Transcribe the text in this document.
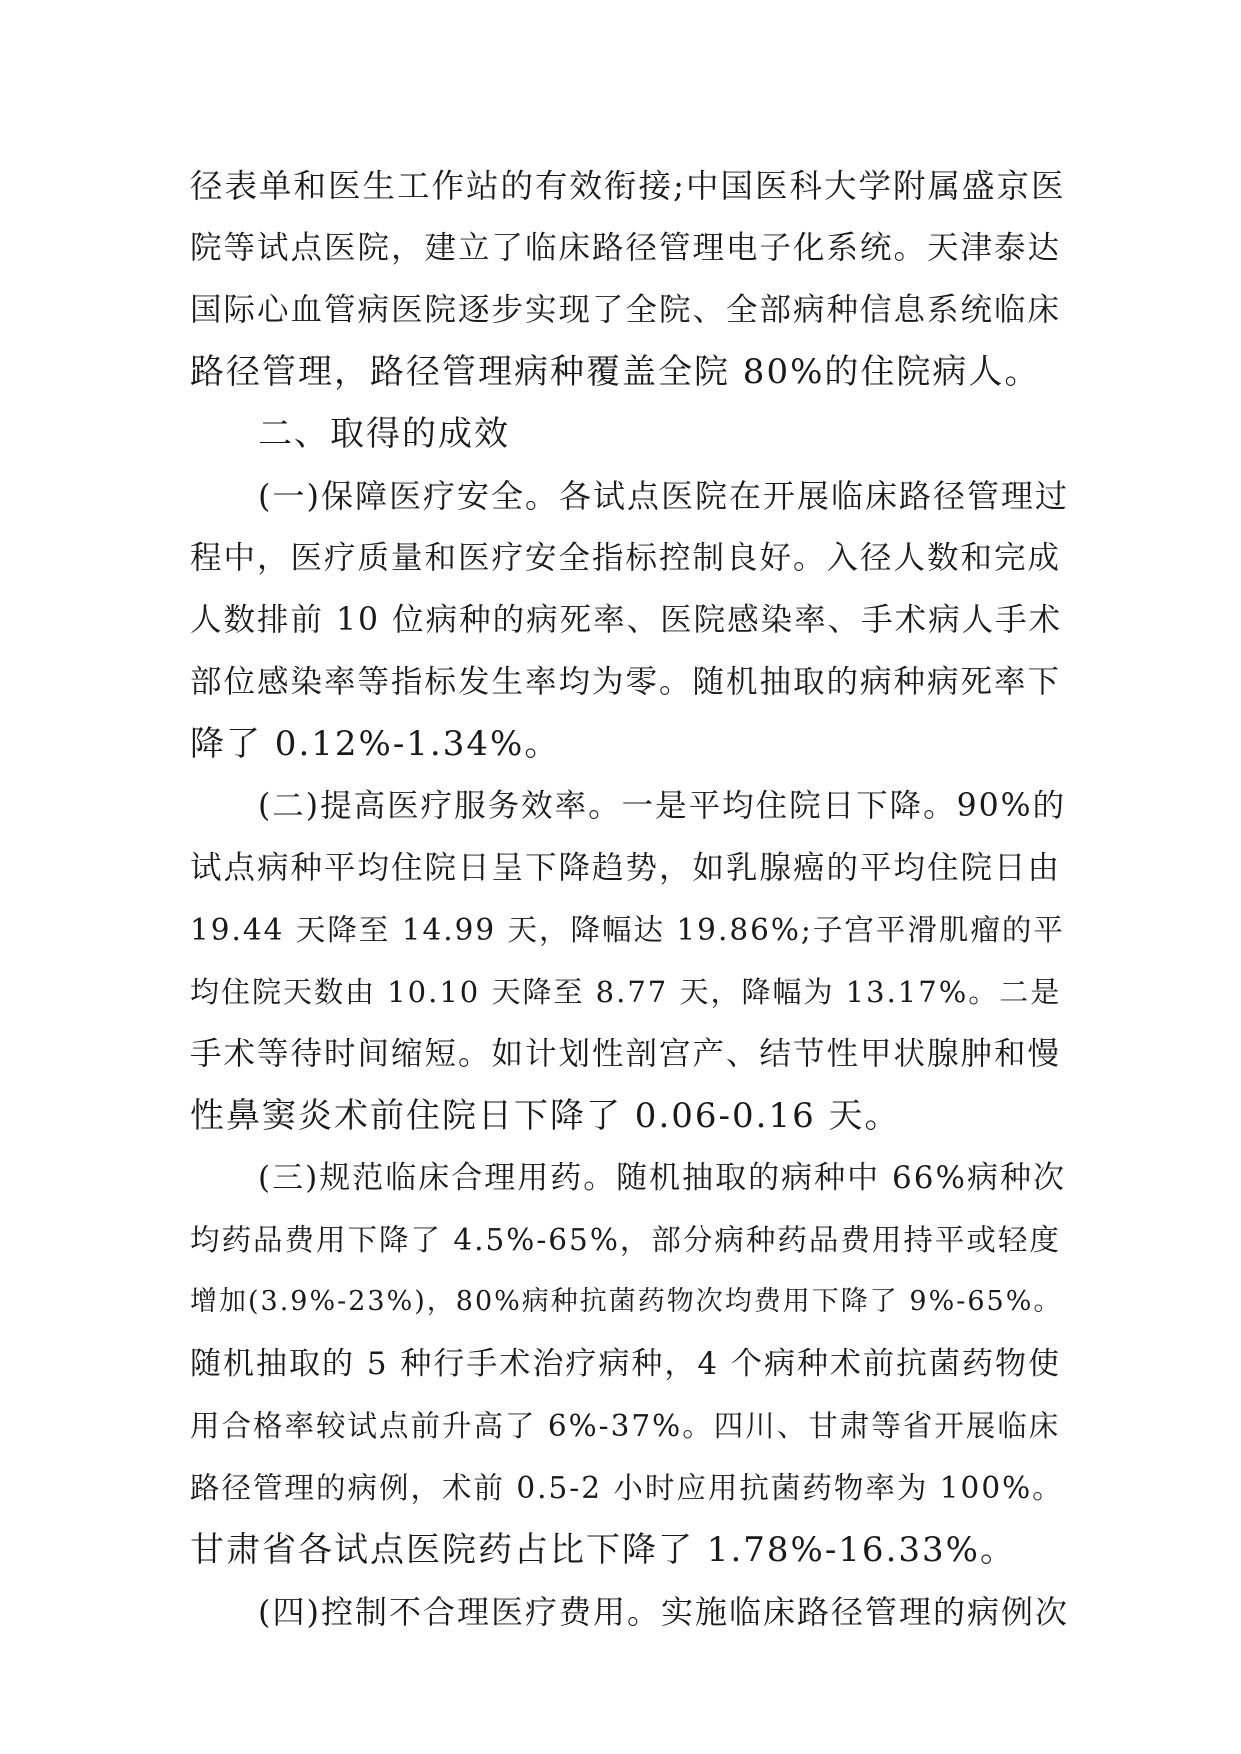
径表单和医生工作站的有效衔接;中国医科大学附属盛京医
院等试点医院，建立了临床路径管理电子化系统。天津泰达
国际心血管病医院逐步实现了全院、全部病种信息系统临床
路径管理，路径管理病种覆盖全院 80%的住院病人。
二、取得的成效
(一)保障医疗安全。各试点医院在开展临床路径管理过
程中，医疗质量和医疗安全指标控制良好。入径人数和完成
人数排前 10 位病种的病死率、医院感染率、手术病人手术
部位感染率等指标发生率均为零。随机抽取的病种病死率下
降了 0.12%-1.34%。
(二)提高医疗服务效率。一是平均住院日下降。90%的
试点病种平均住院日呈下降趋势，如乳腺癌的平均住院日由
19.44 天降至 14.99 天，降幅达 19.86%;子宫平滑肌瘤的平
均住院天数由 10.10 天降至 8.77 天，降幅为 13.17%。二是
手术等待时间缩短。如计划性剖宫产、结节性甲状腺肿和慢
性鼻窦炎术前住院日下降了 0.06-0.16 天。
(三)规范临床合理用药。随机抽取的病种中 66%病种次
均药品费用下降了 4.5%-65%，部分病种药品费用持平或轻度
增加(3.9%-23%)，80%病种抗菌药物次均费用下降了 9%-65%。
随机抽取的 5 种行手术治疗病种，4 个病种术前抗菌药物使
用合格率较试点前升高了 6%-37%。四川、甘肃等省开展临床
路径管理的病例，术前 0.5-2 小时应用抗菌药物率为 100%。
甘肃省各试点医院药占比下降了 1.78%-16.33%。
(四)控制不合理医疗费用。实施临床路径管理的病例次
